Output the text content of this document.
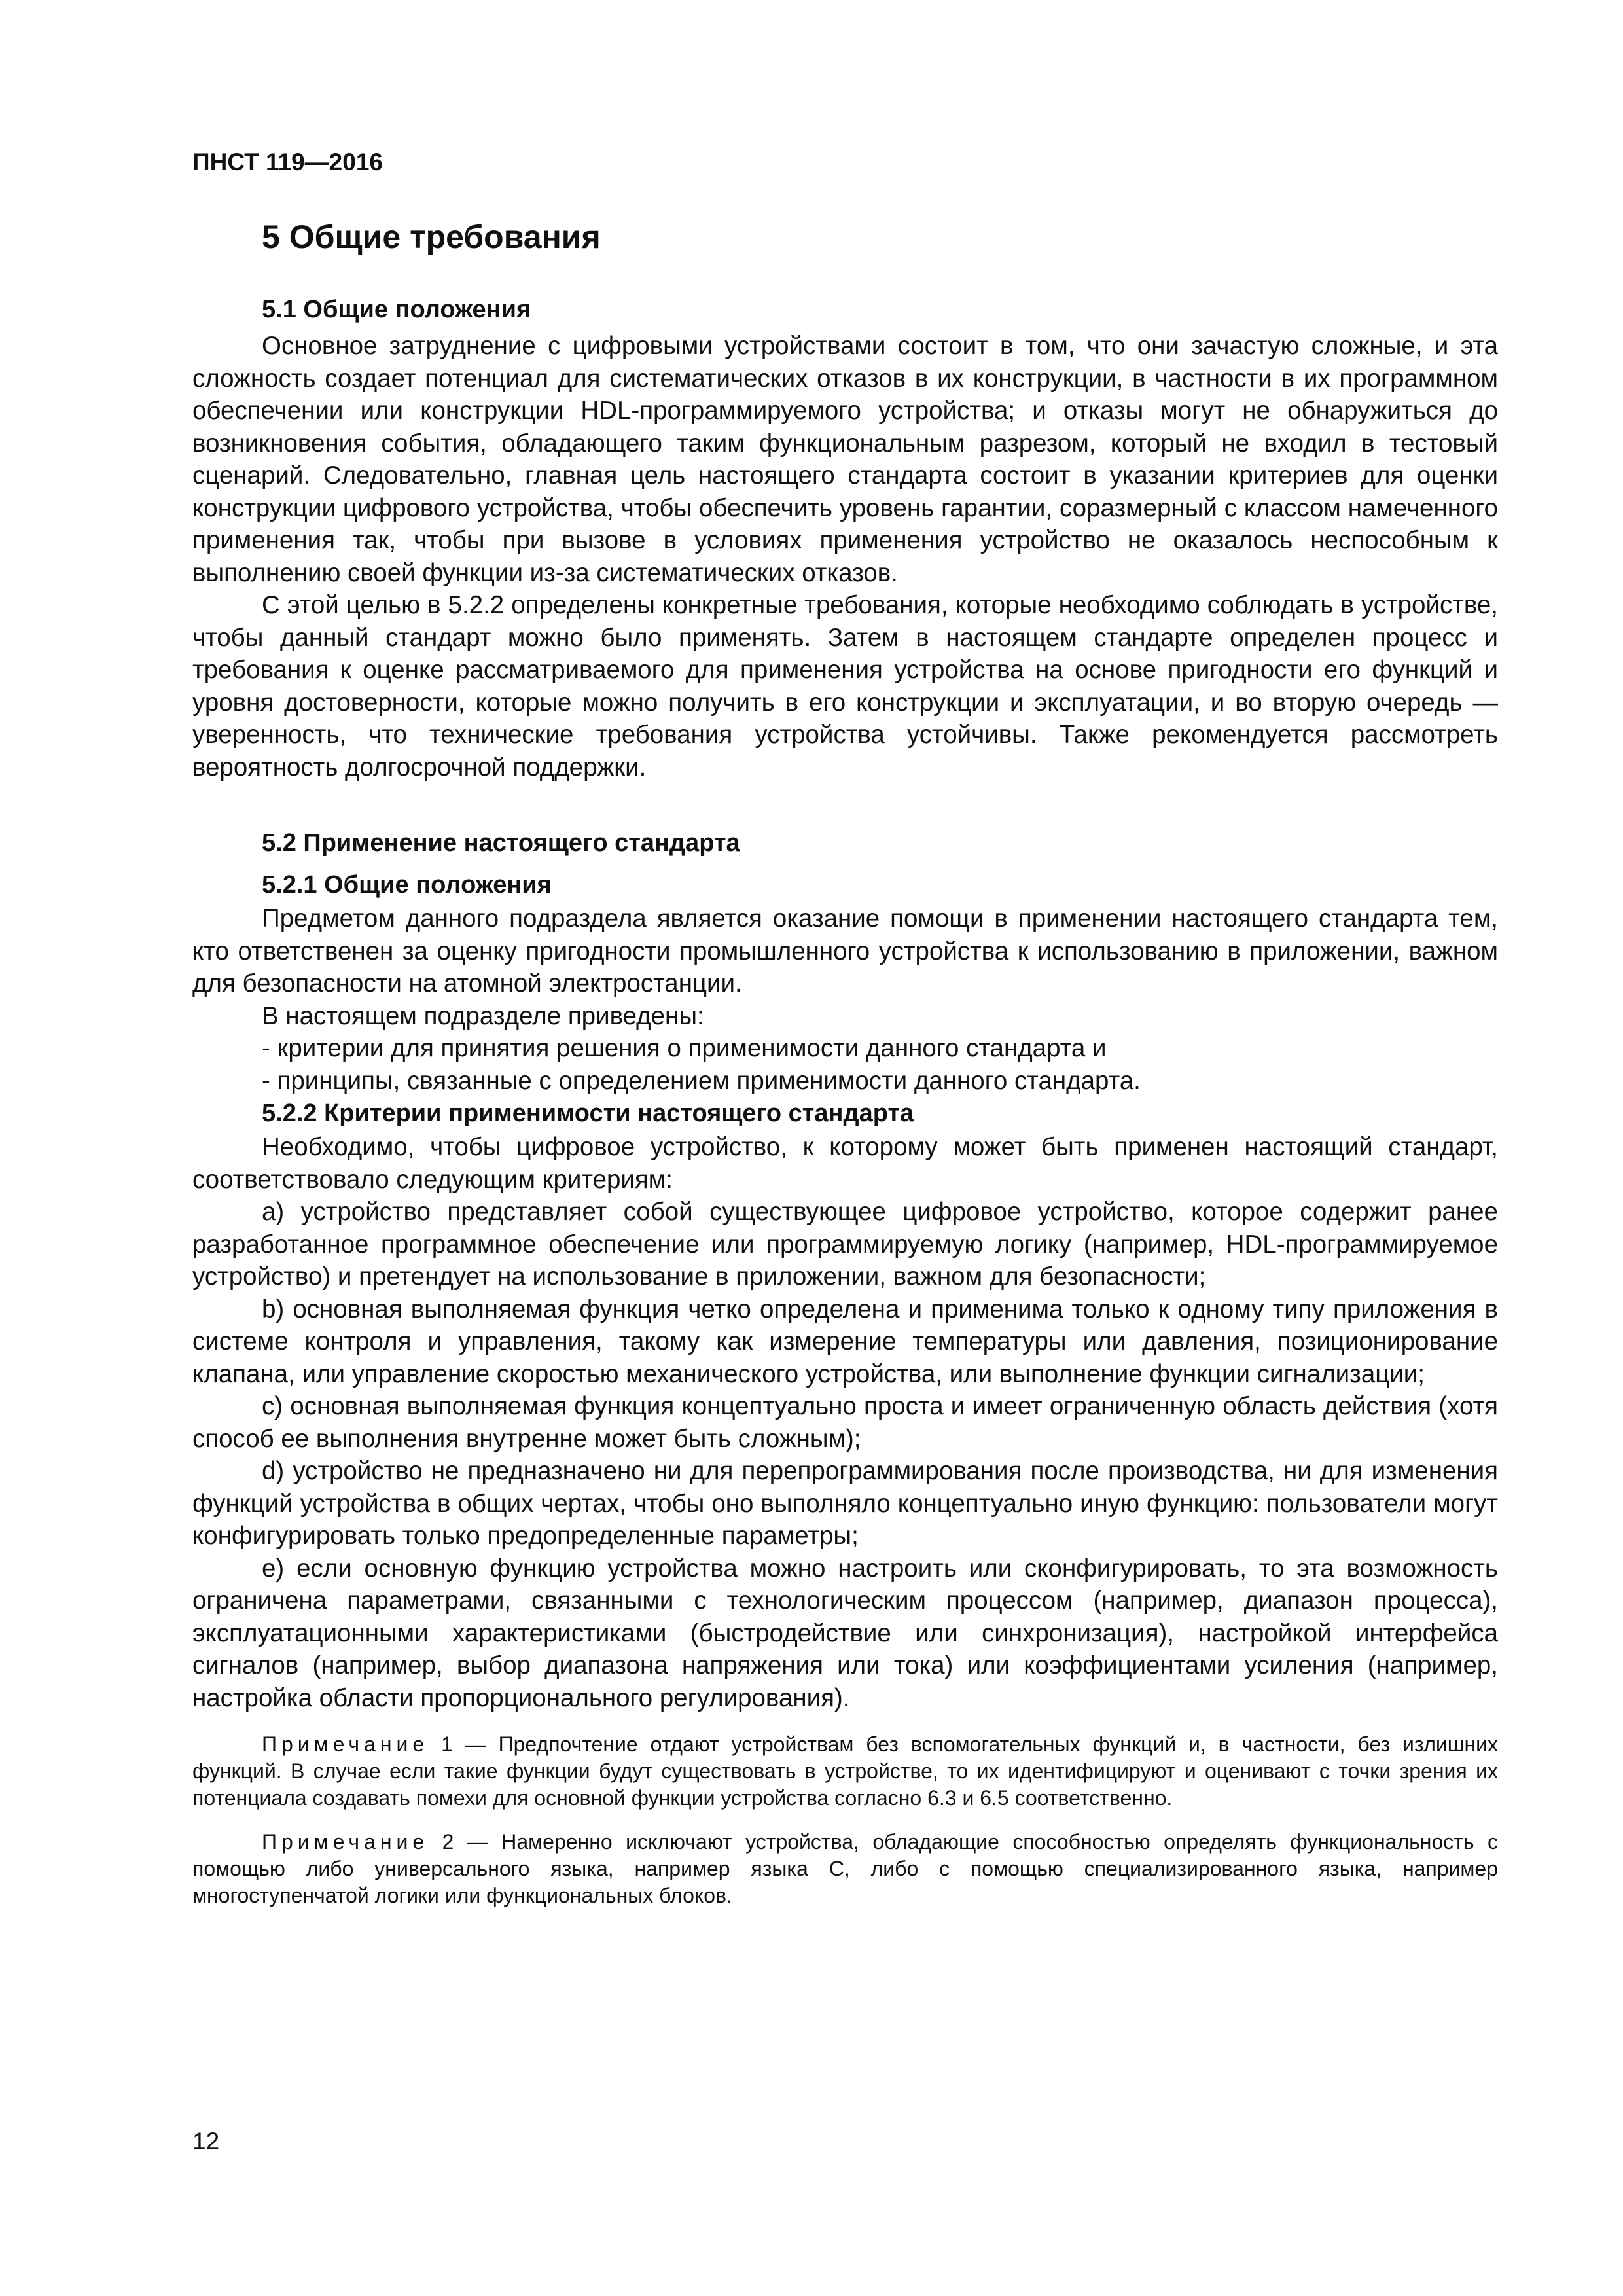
ПНСТ 119—2016

5 Общие требования
5.1 Общие положения

Основное затруднение с цифровыми устройствами состоит в том, что они зачастую сложные, и эта сложность создает потенциал для систематических отказов в их конструкции, в частности в их программном обеспечении или конструкции HDL-программируемого устройства; и отказы могут не обнаружиться до возникновения события, обладающего таким функциональным разрезом, который не входил в тестовый сценарий. Следовательно, главная цель настоящего стандарта состоит в указании критериев для оценки конструкции цифрового устройства, чтобы обеспечить уровень гарантии, соразмерный с классом намеченного применения так, чтобы при вызове в условиях применения устройство не оказалось неспособным к выполнению своей функции из-за систематических отказов.

С этой целью в 5.2.2 определены конкретные требования, которые необходимо соблюдать в устройстве, чтобы данный стандарт можно было применять. Затем в настоящем стандарте определен процесс и требования к оценке рассматриваемого для применения устройства на основе пригодности его функций и уровня достоверности, которые можно получить в его конструкции и эксплуатации, и во вторую очередь — уверенность, что технические требования устройства устойчивы. Также рекомендуется рассмотреть вероятность долгосрочной поддержки.

5.2 Применение настоящего стандарта
5.2.1 Общие положения

Предметом данного подраздела является оказание помощи в применении настоящего стандарта тем, кто ответственен за оценку пригодности промышленного устройства к использованию в приложении, важном для безопасности на атомной электростанции.

В настоящем подразделе приведены:

- критерии для принятия решения о применимости данного стандарта и

- принципы, связанные с определением применимости данного стандарта.

5.2.2 Критерии применимости настоящего стандарта

Необходимо, чтобы цифровое устройство, к которому может быть применен настоящий стандарт, соответствовало следующим критериям:

а) устройство представляет собой существующее цифровое устройство, которое содержит ранее разработанное программное обеспечение или программируемую логику (например, HDL-программируемое устройство) и претендует на использование в приложении, важном для безопасности;

b) основная выполняемая функция четко определена и применима только к одному типу приложения в системе контроля и управления, такому как измерение температуры или давления, позиционирование клапана, или управление скоростью механического устройства, или выполнение функции сигнализации;

с) основная выполняемая функция концептуально проста и имеет ограниченную область действия (хотя способ ее выполнения внутренне может быть сложным);

d) устройство не предназначено ни для перепрограммирования после производства, ни для изменения функций устройства в общих чертах, чтобы оно выполняло концептуально иную функцию: пользователи могут конфигурировать только предопределенные параметры;

е) если основную функцию устройства можно настроить или сконфигурировать, то эта возможность ограничена параметрами, связанными с технологическим процессом (например, диапазон процесса), эксплуатационными характеристиками (быстродействие или синхронизация), настройкой интерфейса сигналов (например, выбор диапазона напряжения или тока) или коэффициентами усиления (например, настройка области пропорционального регулирования).

Примечание 1 — Предпочтение отдают устройствам без вспомогательных функций и, в частности, без излишних функций. В случае если такие функции будут существовать в устройстве, то их идентифицируют и оценивают с точки зрения их потенциала создавать помехи для основной функции устройства согласно 6.3 и 6.5 соответственно.

Примечание 2 — Намеренно исключают устройства, обладающие способностью определять функциональность с помощью либо универсального языка, например языка С, либо с помощью специализированного языка, например многоступенчатой логики или функциональных блоков.

12
